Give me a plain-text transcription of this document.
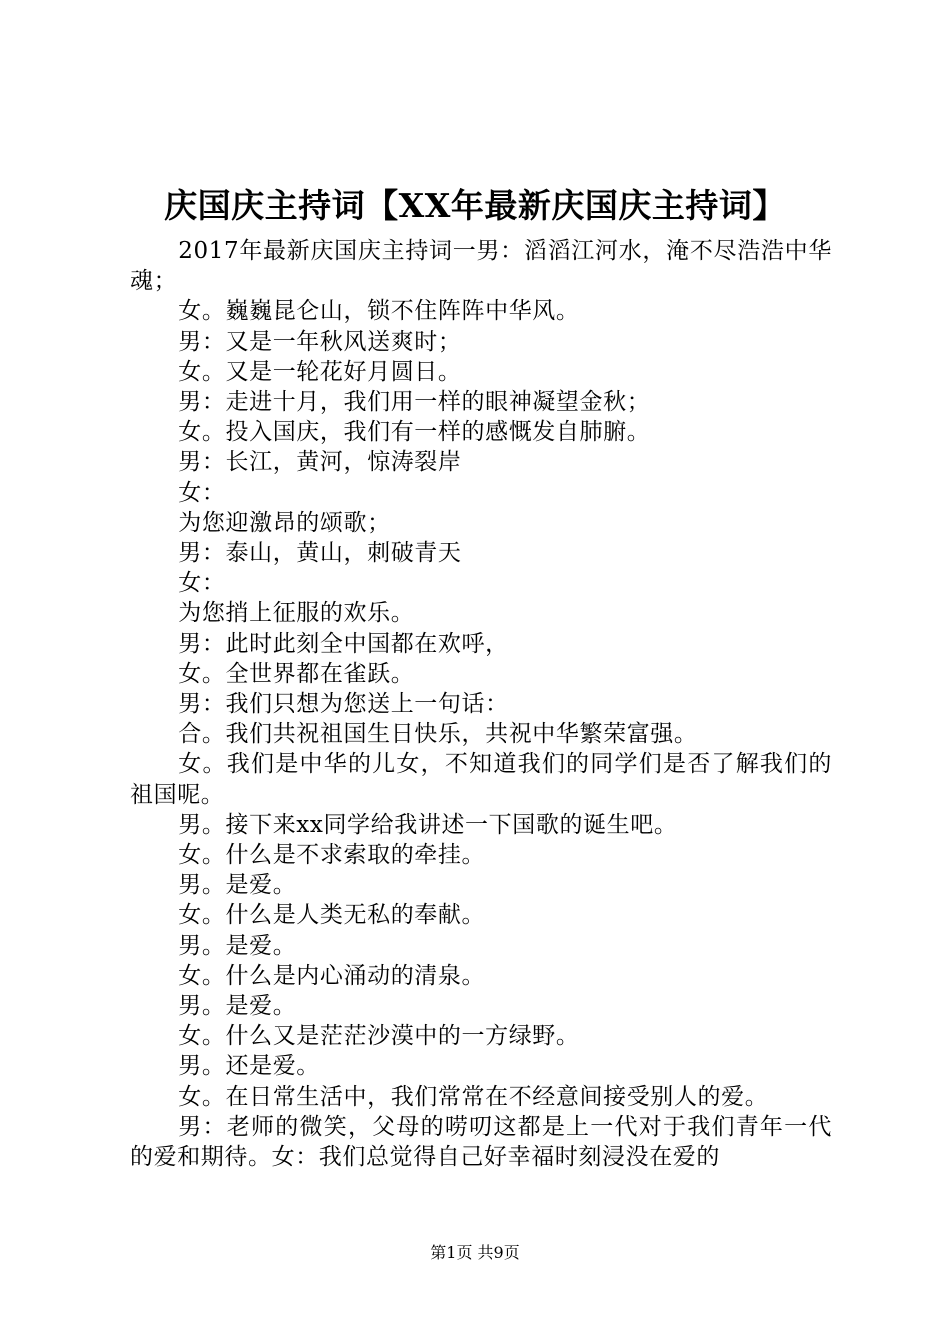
庆国庆主持词【XX年最新庆国庆主持词】

2017年最新庆国庆主持词一男：滔滔江河水，淹不尽浩浩中华魂；

女。巍巍昆仑山，锁不住阵阵中华风。

男：又是一年秋风送爽时；

女。又是一轮花好月圆日。

男：走进十月，我们用一样的眼神凝望金秋；

女。投入国庆，我们有一样的感慨发自肺腑。

男：长江，黄河，惊涛裂岸

女：

为您迎激昂的颂歌；

男：泰山，黄山，刺破青天

女：

为您捎上征服的欢乐。

男：此时此刻全中国都在欢呼，

女。全世界都在雀跃。

男：我们只想为您送上一句话：

合。我们共祝祖国生日快乐，共祝中华繁荣富强。

女。我们是中华的儿女，不知道我们的同学们是否了解我们的祖国呢。

男。接下来xx同学给我讲述一下国歌的诞生吧。

女。什么是不求索取的牵挂。

男。是爱。

女。什么是人类无私的奉献。

男。是爱。

女。什么是内心涌动的清泉。

男。是爱。

女。什么又是茫茫沙漠中的一方绿野。

男。还是爱。

女。在日常生活中，我们常常在不经意间接受别人的爱。

男：老师的微笑，父母的唠叨这都是上一代对于我们青年一代的爱和期待。女：我们总觉得自己好幸福时刻浸没在爱的

第1页 共9页
